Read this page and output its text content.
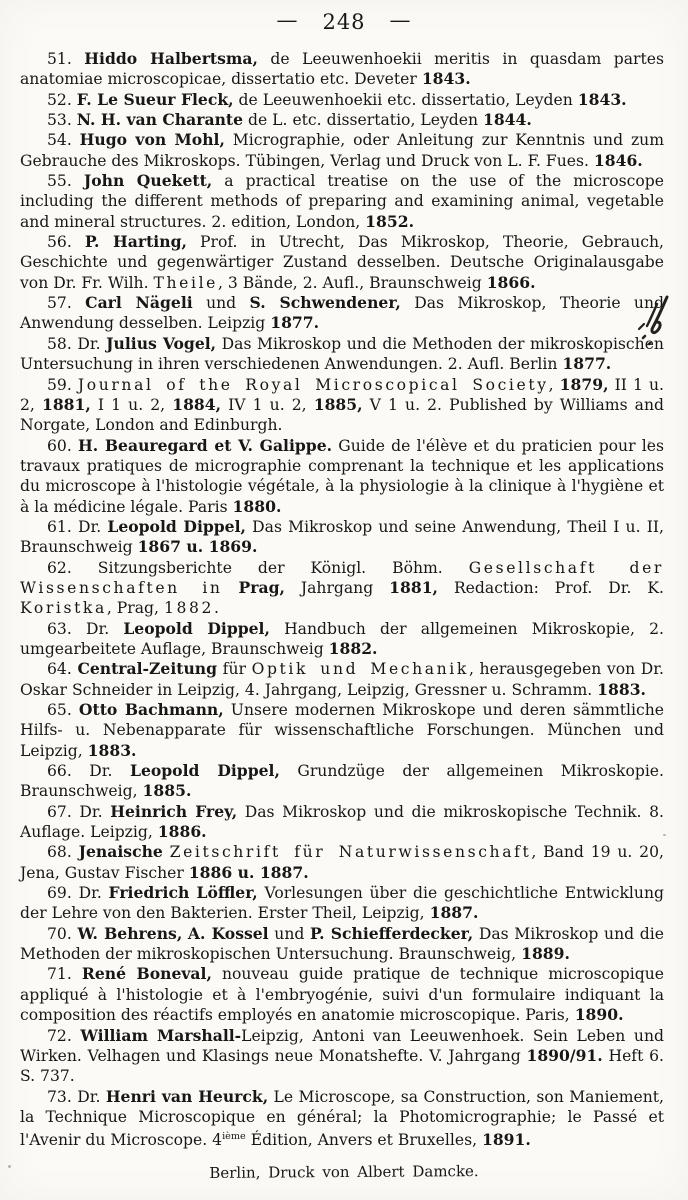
— 248 —

51. Hiddo Halbertsma, de Leeuwenhoekii meritis in quasdam partes anatomiae microscopicae, dissertatio etc. Deveter 1843.

52. F. Le Sueur Fleck, de Leeuwenhoekii etc. dissertatio, Leyden 1843.

53. N. H. van Charante de L. etc. dissertatio, Leyden 1844.

54. Hugo von Mohl, Micrographie, oder Anleitung zur Kenntnis und zum Gebrauche des Mikroskops. Tübingen, Verlag und Druck von L. F. Fues. 1846.

55. John Quekett, a practical treatise on the use of the microscope including the different methods of preparing and examining animal, vegetable and mineral structures. 2. edition, London, 1852.

56. P. Harting, Prof. in Utrecht, Das Mikroskop, Theorie, Gebrauch, Geschichte und gegenwärtiger Zustand desselben. Deutsche Originalausgabe von Dr. Fr. Wilh. Theile, 3 Bände, 2. Aufl., Braunschweig 1866.

57. Carl Nägeli und S. Schwendener, Das Mikroskop, Theorie und Anwendung desselben. Leipzig 1877.

58. Dr. Julius Vogel, Das Mikroskop und die Methoden der mikroskopischen Untersuchung in ihren verschiedenen Anwendungen. 2. Aufl. Berlin 1877.

59. Journal of the Royal Microscopical Society, 1879, II 1 u. 2, 1881, I 1 u. 2, 1884, IV 1 u. 2, 1885, V 1 u. 2. Published by Williams and Norgate, London and Edinburgh.

60. H. Beauregard et V. Galippe. Guide de l'élève et du praticien pour les travaux pratiques de micrographie comprenant la technique et les applications du microscope à l'histologie végétale, à la physiologie à la clinique à l'hygiène et à la médicine légale. Paris 1880.

61. Dr. Leopold Dippel, Das Mikroskop und seine Anwendung, Theil I u. II, Braunschweig 1867 u. 1869.

62. Sitzungsberichte der Königl. Böhm. Gesellschaft der Wissenschaften in Prag, Jahrgang 1881, Redaction: Prof. Dr. K. Koristka, Prag, 1882.

63. Dr. Leopold Dippel, Handbuch der allgemeinen Mikroskopie, 2. umgearbeitete Auflage, Braunschweig 1882.

64. Central-Zeitung für Optik und Mechanik, herausgegeben von Dr. Oskar Schneider in Leipzig, 4. Jahrgang, Leipzig, Gressner u. Schramm. 1883.

65. Otto Bachmann, Unsere modernen Mikroskope und deren sämmtliche Hilfs- u. Nebenapparate für wissenschaftliche Forschungen. München und Leipzig, 1883.

66. Dr. Leopold Dippel, Grundzüge der allgemeinen Mikroskopie. Braunschweig, 1885.

67. Dr. Heinrich Frey, Das Mikroskop und die mikroskopische Technik. 8. Auflage. Leipzig, 1886.

68. Jenaische Zeitschrift für Naturwissenschaft, Band 19 u. 20, Jena, Gustav Fischer 1886 u. 1887.

69. Dr. Friedrich Löffler, Vorlesungen über die geschichtliche Entwicklung der Lehre von den Bakterien. Erster Theil, Leipzig, 1887.

70. W. Behrens, A. Kossel und P. Schiefferdecker, Das Mikroskop und die Methoden der mikroskopischen Untersuchung. Braunschweig, 1889.

71. René Boneval, nouveau guide pratique de technique microscopique appliqué à l'histologie et à l'embryogénie, suivi d'un formulaire indiquant la composition des réactifs employés en anatomie microscopique. Paris, 1890.

72. William Marshall-Leipzig, Antoni van Leeuwenhoek. Sein Leben und Wirken. Velhagen und Klasings neue Monatshefte. V. Jahrgang 1890/91. Heft 6. S. 737.

73. Dr. Henri van Heurck, Le Microscope, sa Construction, son Maniement, la Technique Microscopique en général; la Photomicrographie; le Passé et l'Avenir du Microscope. 4ième Édition, Anvers et Bruxelles, 1891.

Berlin, Druck von Albert Damcke.
